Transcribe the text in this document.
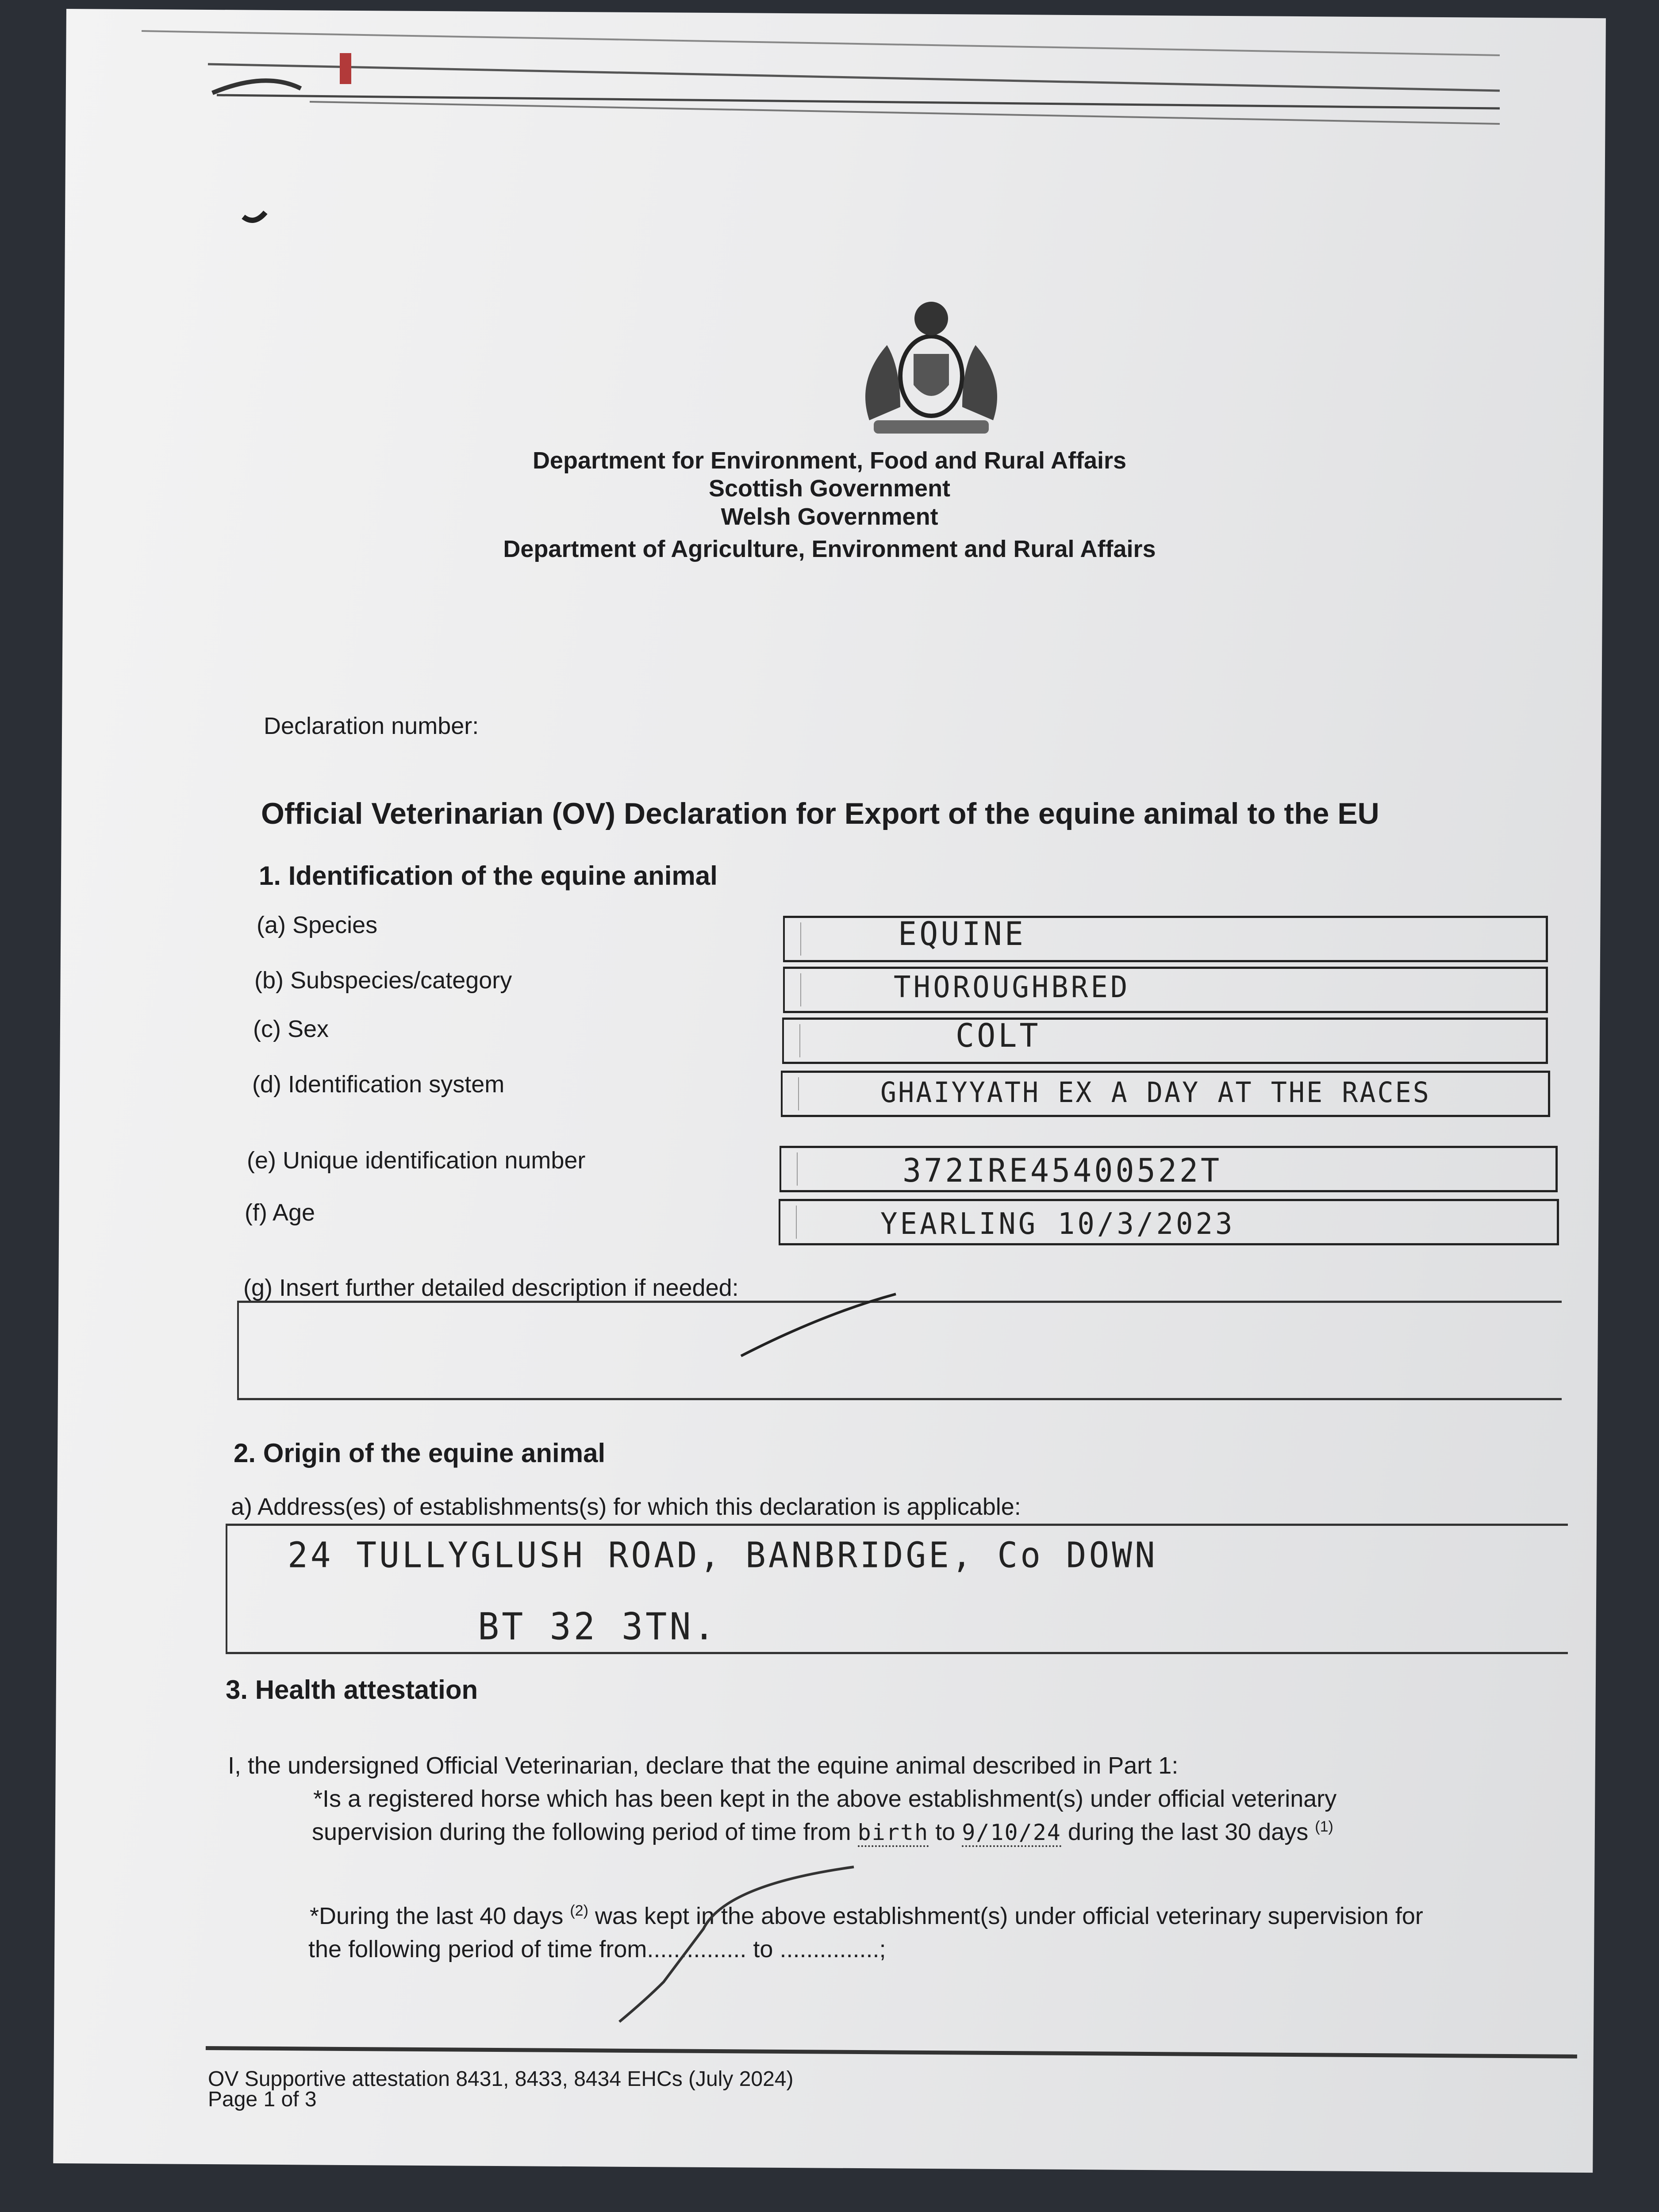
Department for Environment, Food and Rural Affairs
Scottish Government
Welsh Government
Department of Agriculture, Environment and Rural Affairs
Declaration number:
Official Veterinarian (OV) Declaration for Export of the equine animal to the EU
1. Identification of the equine animal
(a) Species	EQUINE
(b) Subspecies/category	THOROUGHBRED
(c) Sex	COLT
(d) Identification system	GHAIYYATH EX A DAY AT THE RACES
(e) Unique identification number	372IRE45400522T
(f) Age	YEARLING 10/3/2023
(g) Insert further detailed description if needed:
2. Origin of the equine animal
a) Address(es) of establishments(s) for which this declaration is applicable:
24 TULLYGLUSH ROAD, BANBRIDGE, Co DOWN
BT 32 3TN.
3. Health attestation
I, the undersigned Official Veterinarian, declare that the equine animal described in Part 1:
*Is a registered horse which has been kept in the above establishment(s) under official veterinary
supervision during the following period of time from birth to 9/10/24 during the last 30 days $^{(1)}$
*During the last 40 days $^{(2)}$ was kept in the above establishment(s) under official veterinary supervision for
the following period of time from............... to ...............;
OV Supportive attestation 8431, 8433, 8434 EHCs (July 2024)
Page 1 of 3
